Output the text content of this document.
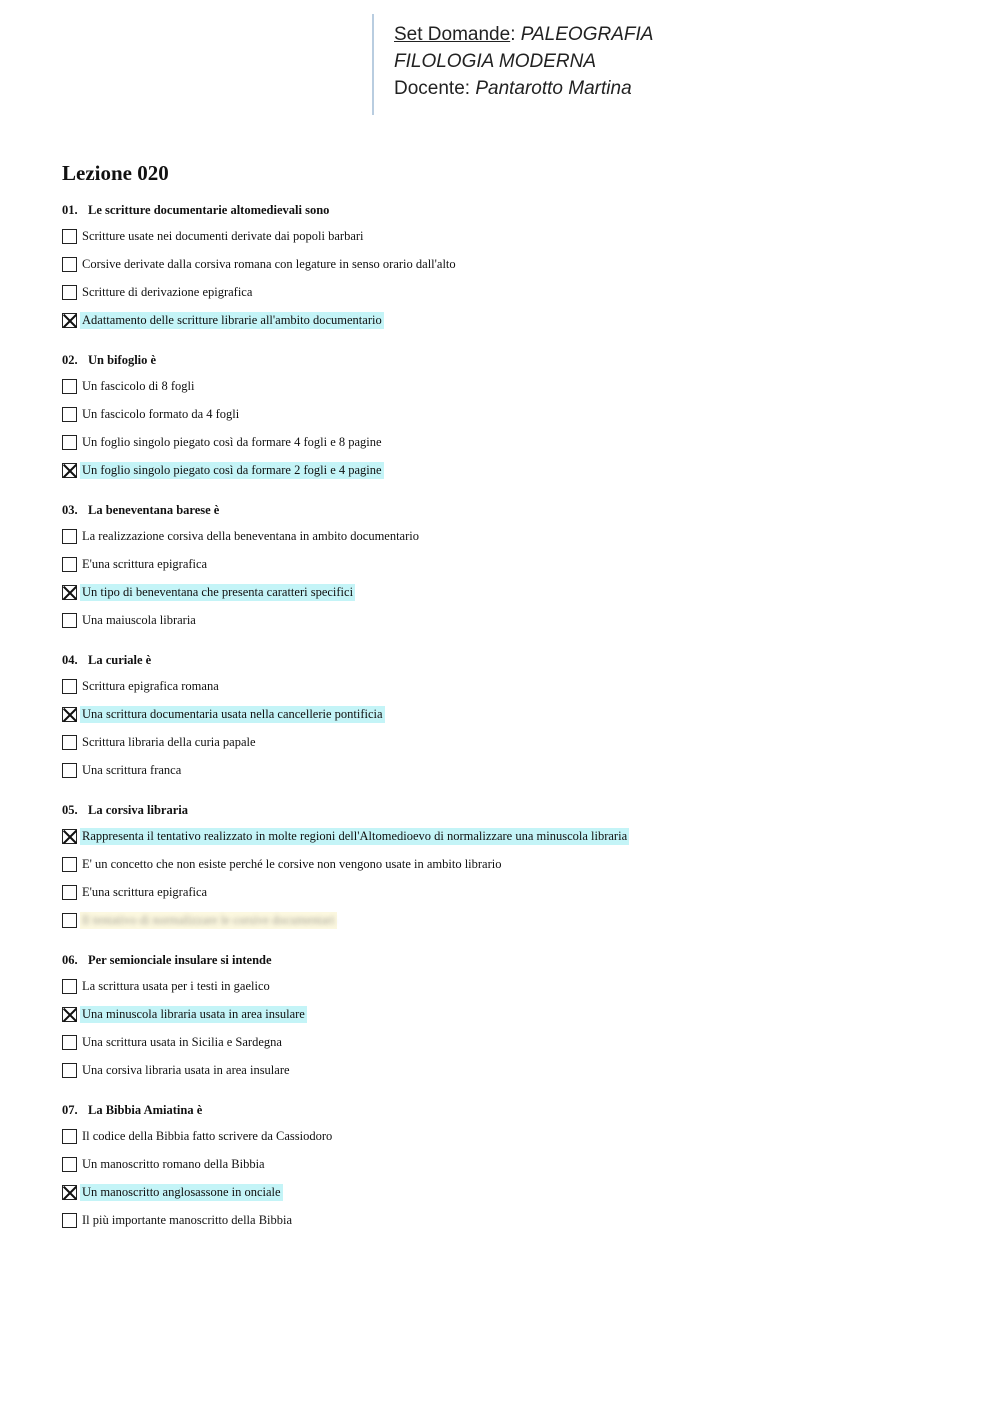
Set Domande: PALEOGRAFIA
FILOLOGIA MODERNA
Docente: Pantarotto Martina
Lezione 020
01. Le scritture documentarie altomedievali sono
Scritture usate nei documenti derivate dai popoli barbari
Corsive derivate dalla corsiva romana con legature in senso orario dall'alto
Scritture di derivazione epigrafica
Adattamento delle scritture librarie all'ambito documentario
02. Un bifoglio è
Un fascicolo di 8 fogli
Un fascicolo formato da 4 fogli
Un foglio singolo piegato così da formare 4 fogli e 8 pagine
Un foglio singolo piegato così da formare 2 fogli e 4 pagine
03. La beneventana barese è
La realizzazione corsiva della beneventana in ambito documentario
E'una scrittura epigrafica
Un tipo di beneventana che presenta caratteri specifici
Una maiuscola libraria
04. La curiale è
Scrittura epigrafica romana
Una scrittura documentaria usata nella cancellerie pontificia
Scrittura libraria della curia papale
Una scrittura franca
05. La corsiva libraria
Rappresenta il tentativo realizzato in molte regioni dell'Altomedioevo di normalizzare una minuscola libraria
E' un concetto che non esiste perché le corsive non vengono usate in ambito librario
E'una scrittura epigrafica
Il tentativo di normalizzare le corsive documentari
06. Per semionciale insulare si intende
La scrittura usata per i testi in gaelico
Una minuscola libraria usata in area insulare
Una scrittura usata in Sicilia e Sardegna
Una corsiva libraria usata in area insulare
07. La Bibbia Amiatina è
Il codice della Bibbia fatto scrivere da Cassiodoro
Un manoscritto romano della Bibbia
Un manoscritto anglosassone in onciale
Il più importante manoscritto della Bibbia
